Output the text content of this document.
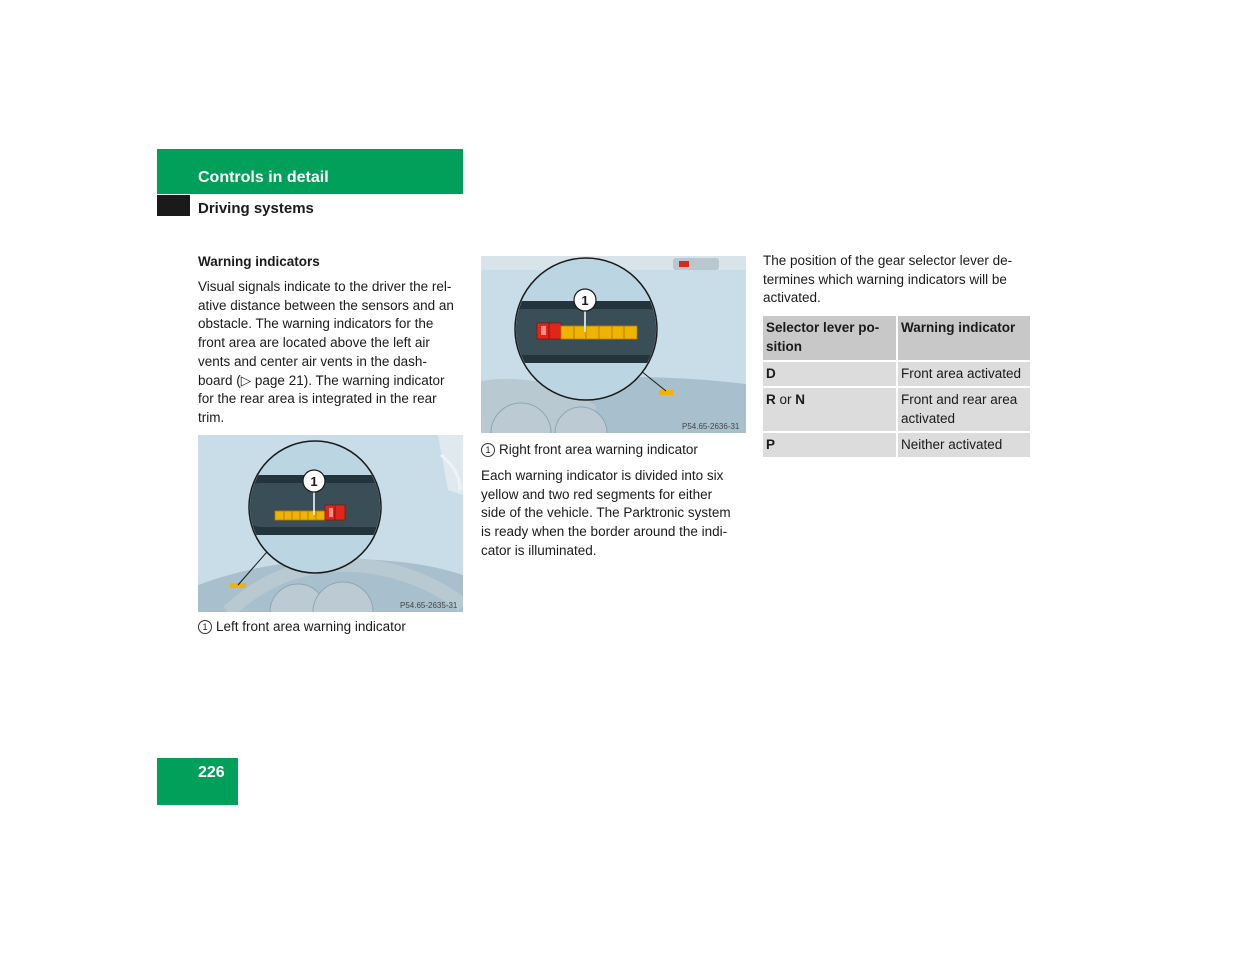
Controls in detail
Driving systems
Warning indicators
Visual signals indicate to the driver the rel-
ative distance between the sensors and an
obstacle. The warning indicators for the
front area are located above the left air
vents and center air vents in the dash-
board (▷ page 21). The warning indicator
for the rear area is integrated in the rear
trim.
1
P54.65-2635-31
1 Left front area warning indicator
1
P54.65-2636-31
1 Right front area warning indicator
Each warning indicator is divided into six
yellow and two red segments for either
side of the vehicle. The Parktronic system
is ready when the border around the indi-
cator is illuminated.
The position of the gear selector lever de-
termines which warning indicators will be
activated.
Selector lever po-
sition	Warning indicator

D	Front area activated

R or N	Front and rear area
activated

P	Neither activated
226
